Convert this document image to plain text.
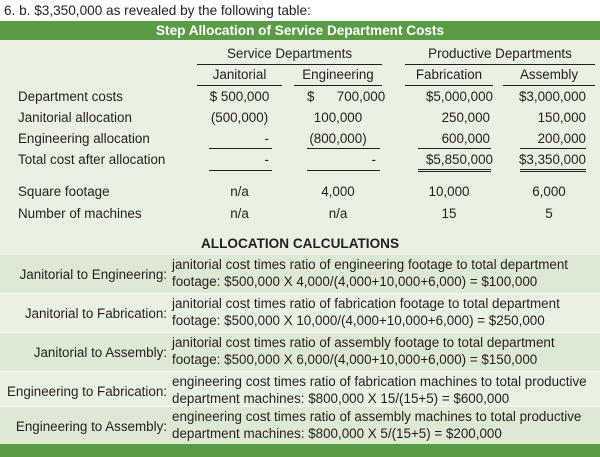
6. b. $3,350,000 as revealed by the following table:
Step Allocation of Service Department Costs
Service Departments	Productive Departments
Janitorial	Engineering	Fabrication	Assembly
Department costs	$ 500,000	$      700,000	$5,000,000	$3,000,000
Janitorial allocation	(500,000)	100,000	250,000	150,000
Engineering allocation	-	(800,000)	600,000	200,000
Total cost after allocation	-	-	$5,850,000	$3,350,000
Square footage	n/a	4,000	10,000	6,000
Number of machines	n/a	n/a	15	5
ALLOCATION CALCULATIONS
Janitorial to Engineering:
janitorial cost times ratio of engineering footage to total department
footage: $500,000 X 4,000/(4,000+10,000+6,000) = $100,000
Janitorial to Fabrication:
janitorial cost times ratio of fabrication footage to total department
footage: $500,000 X 10,000/(4,000+10,000+6,000) = $250,000
Janitorial to Assembly:
janitorial cost times ratio of assembly footage to total department
footage: $500,000 X 6,000/(4,000+10,000+6,000) = $150,000
Engineering to Fabrication:
engineering cost times ratio of fabrication machines to total productive
department machines: $800,000 X 15/(15+5) = $600,000
Engineering to Assembly:
engineering cost times ratio of assembly machines to total productive
department machines: $800,000 X 5/(15+5) = $200,000
